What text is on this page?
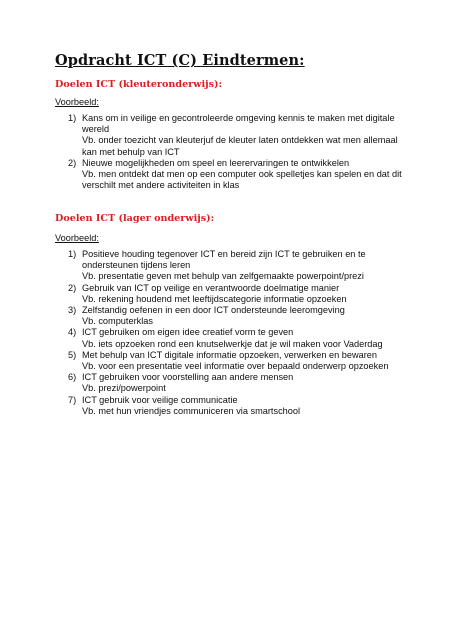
Opdracht ICT (C) Eindtermen:
Doelen ICT (kleuteronderwijs):

Voorbeeld:

1) Kans om in veilige en gecontroleerde omgeving kennis te maken met digitale
wereld
Vb. onder toezicht van kleuterjuf de kleuter laten ontdekken wat men allemaal
kan met behulp van ICT
2) Nieuwe mogelijkheden om speel en leerervaringen te ontwikkelen
Vb. men ontdekt dat men op een computer ook spelletjes kan spelen en dat dit
verschilt met andere activiteiten in klas
Doelen ICT (lager onderwijs):

Voorbeeld:

1) Positieve houding tegenover ICT en bereid zijn ICT te gebruiken en te
ondersteunen tijdens leren
Vb. presentatie geven met behulp van zelfgemaakte powerpoint/prezi
2) Gebruik van ICT op veilige en verantwoorde doelmatige manier
Vb. rekening houdend met leeftijdscategorie informatie opzoeken
3) Zelfstandig oefenen in een door ICT ondersteunde leeromgeving
Vb. computerklas
4) ICT gebruiken om eigen idee creatief vorm te geven
Vb. iets opzoeken rond een knutselwerkje dat je wil maken voor Vaderdag
5) Met behulp van ICT digitale informatie opzoeken, verwerken en bewaren
Vb. voor een presentatie veel informatie over bepaald onderwerp opzoeken
6) ICT gebruiken voor voorstelling aan andere mensen
Vb. prezi/powerpoint
7) ICT gebruik voor veilige communicatie
Vb. met hun vriendjes communiceren via smartschool
